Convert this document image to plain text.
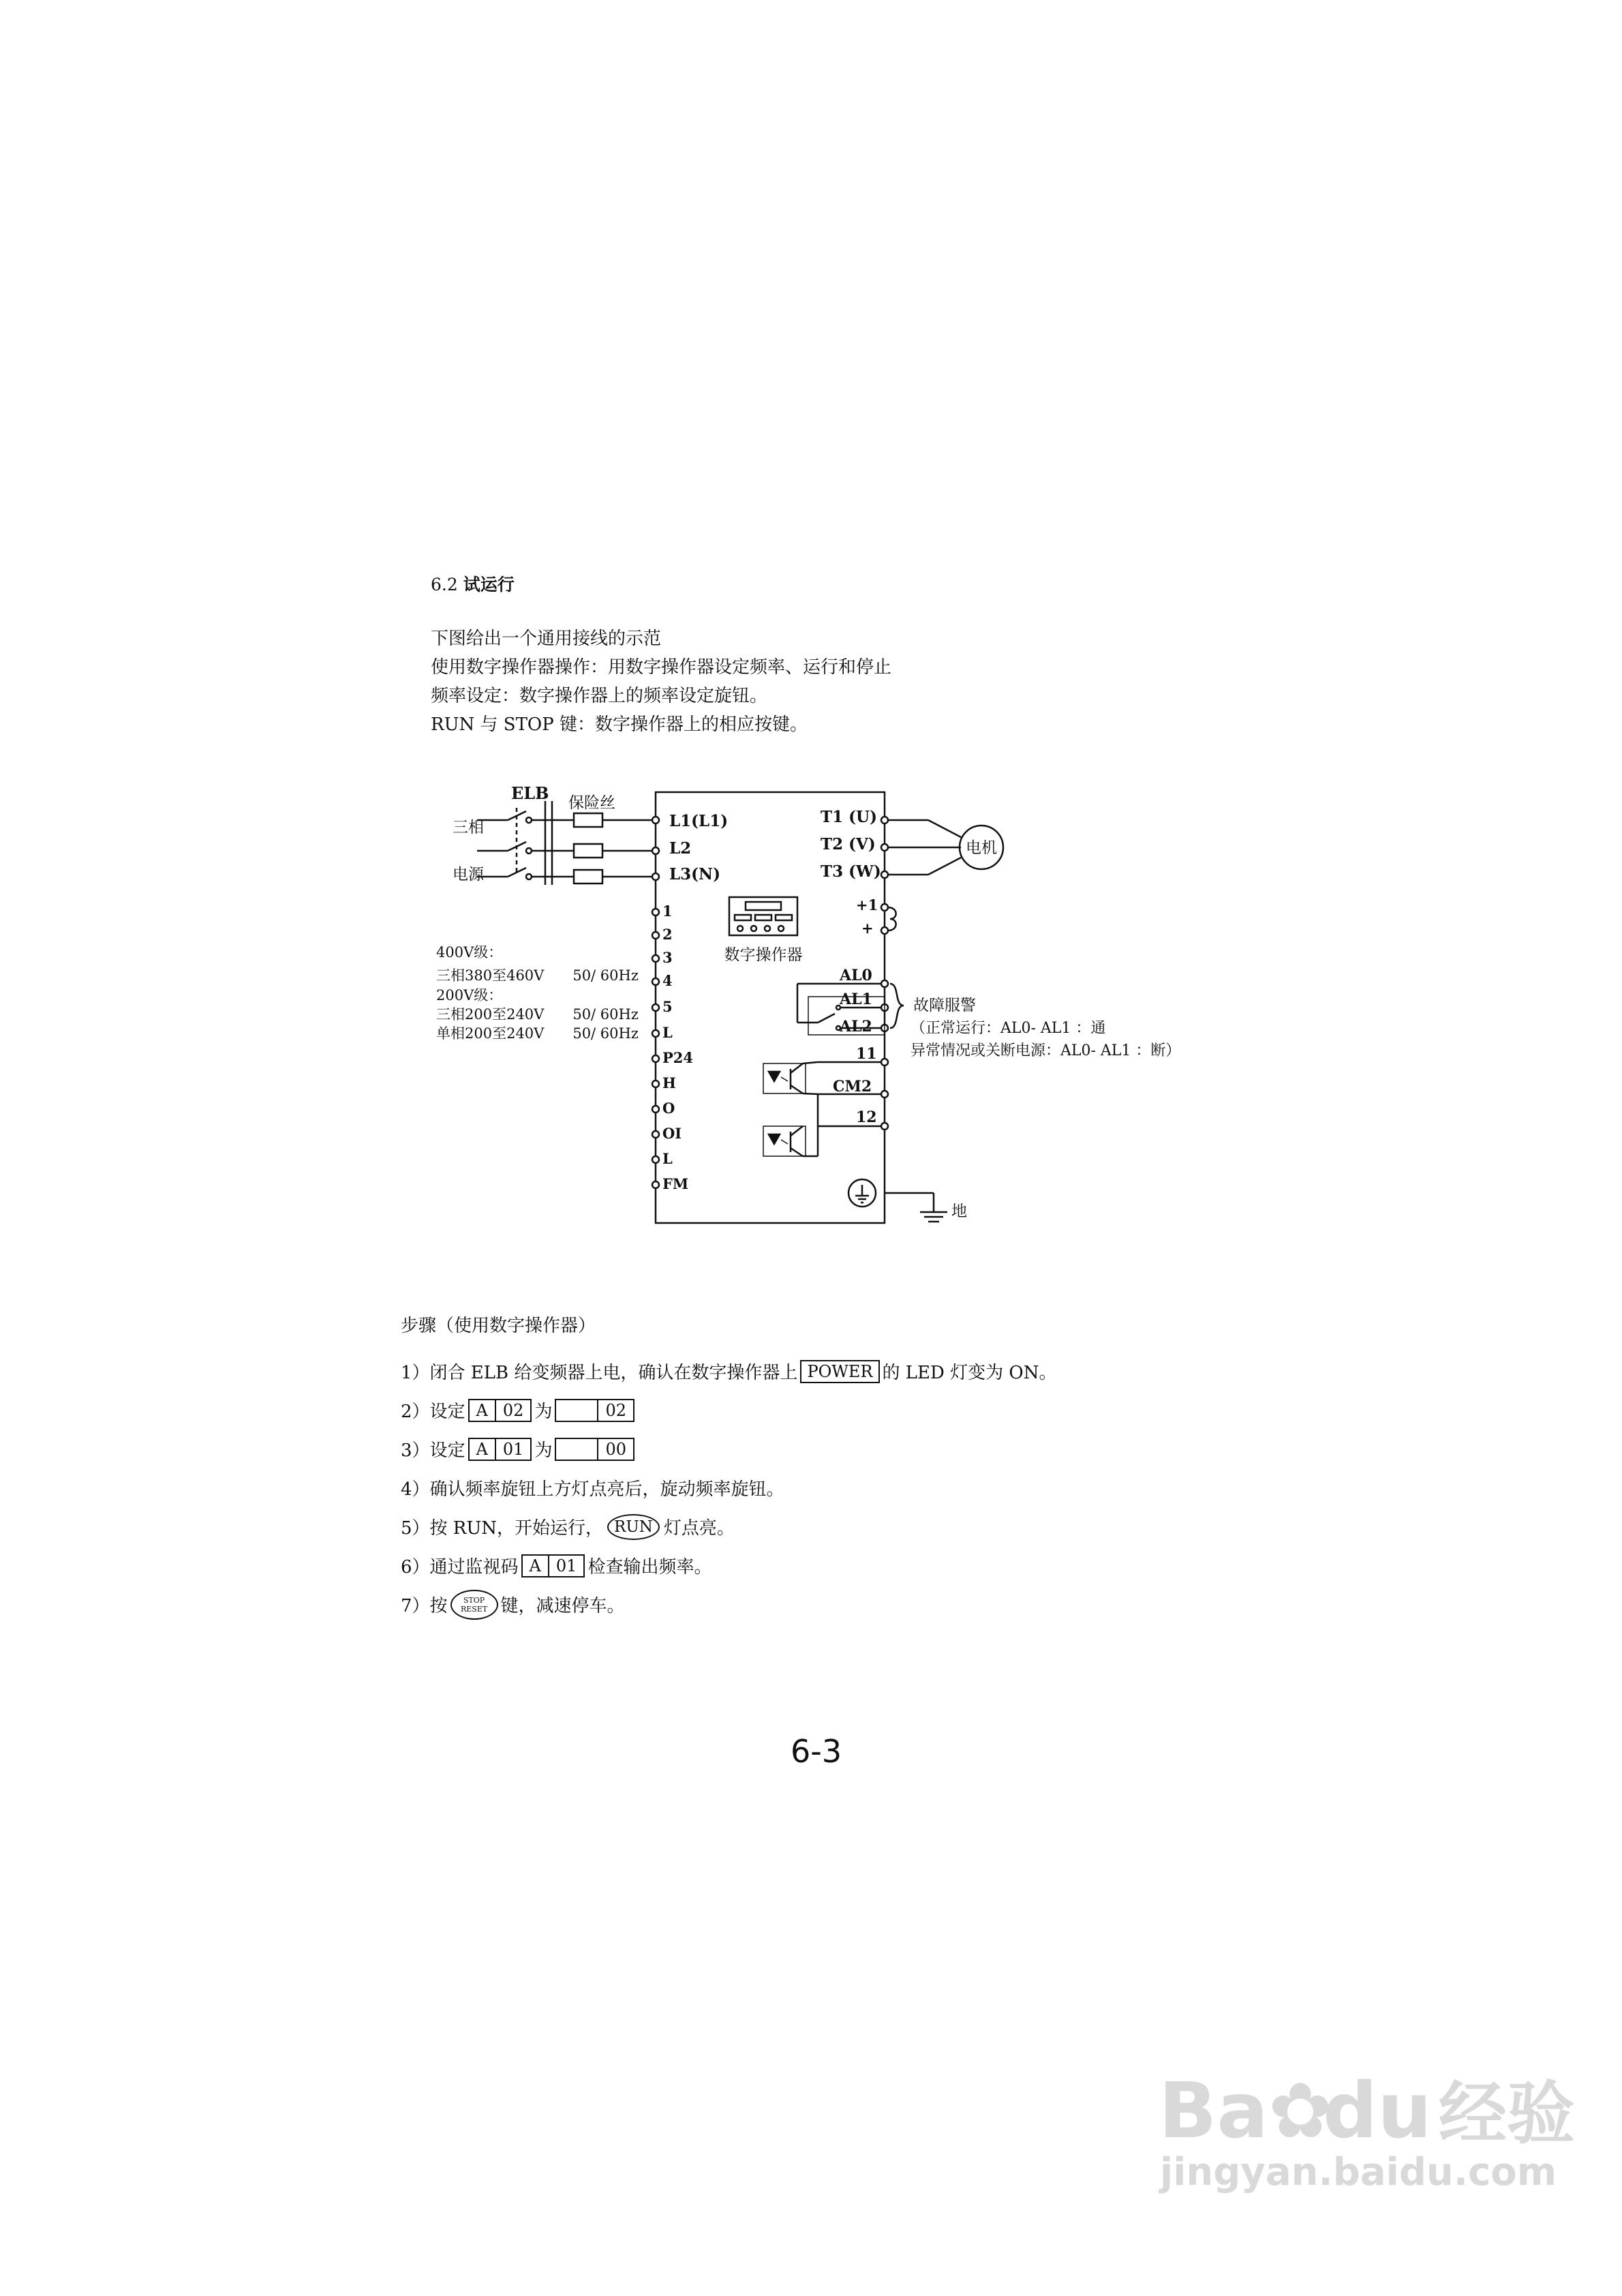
6.2 试运行
下图给出一个通用接线的示范
使用数字操作器操作：用数字操作器设定频率、运行和停止
频率设定：数字操作器上的频率设定旋钮。
RUN 与 STOP 键：数字操作器上的相应按键。
ELB 保险丝
三相
电源
L1(L1)
L2
L3(N)
T1 (U)
T2 (V)
T3 (W)
电机
+1
+
数字操作器
AL0
AL1
AL2
故障服警
（正常运行：AL0- AL1 ：通
异常情况或关断电源：AL0- AL1 ：断）
11
CM2
12
地
1
2
3
4
5
L
P24
H
O
OI
L
FM
400V级：
三相380至460V　　50/ 60Hz
200V级：
三相200至240V　　50/ 60Hz
单相200至240V　　50/ 60Hz
步骤（使用数字操作器）
1）闭合 ELB 给变频器上电，确认在数字操作器上 POWER 的 LED 灯变为 ON。
2）设定 A 02 为	02
3）设定 A 01 为	00
4）确认频率旋钮上方灯点亮后，旋动频率旋钮。
5）按 RUN，开始运行， RUN 灯点亮。
6）通过监视码 A 01 检查输出频率。
7）按 STOP
RESET 键，减速停车。
6-3
Ba✿du 经验
jingyan.baidu.com
